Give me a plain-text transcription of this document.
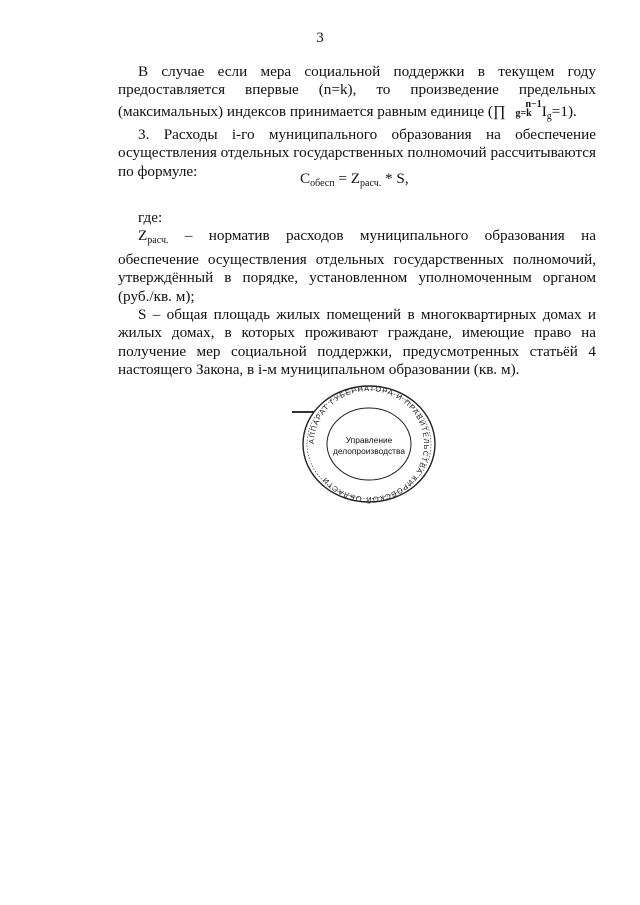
3

В случае если мера социальной поддержки в текущем году предоставляется впервые (n=k), то произведение предельных (максимальных) индексов принимается равным единице (∏ n−1
g=k $I_g=1$).

3. Расходы i-го муниципального образования на обеспечение осуществления отдельных государственных полномочий рассчитываются по формуле:	$C_{обесп} = Z_{расч.} * S$,

где:

$Z_{расч.}$ – норматив расходов муниципального образования на обеспечение осуществления отдельных государственных полномочий, утверждённый в порядке, установленном уполномоченным органом (руб./кв. м);

S – общая площадь жилых помещений в многоквартирных домах и жилых домах, в которых проживают граждане, имеющие право на получение мер социальной поддержки, предусмотренных статьёй 4 настоящего Закона, в i-м муниципальном образовании (кв. м).

АППАРАТ ГУБЕРНАТОРА И ПРАВИТЕЛЬСТВА КИРОВСКОЙ ОБЛАСТИ
Управление
делопроизводства
